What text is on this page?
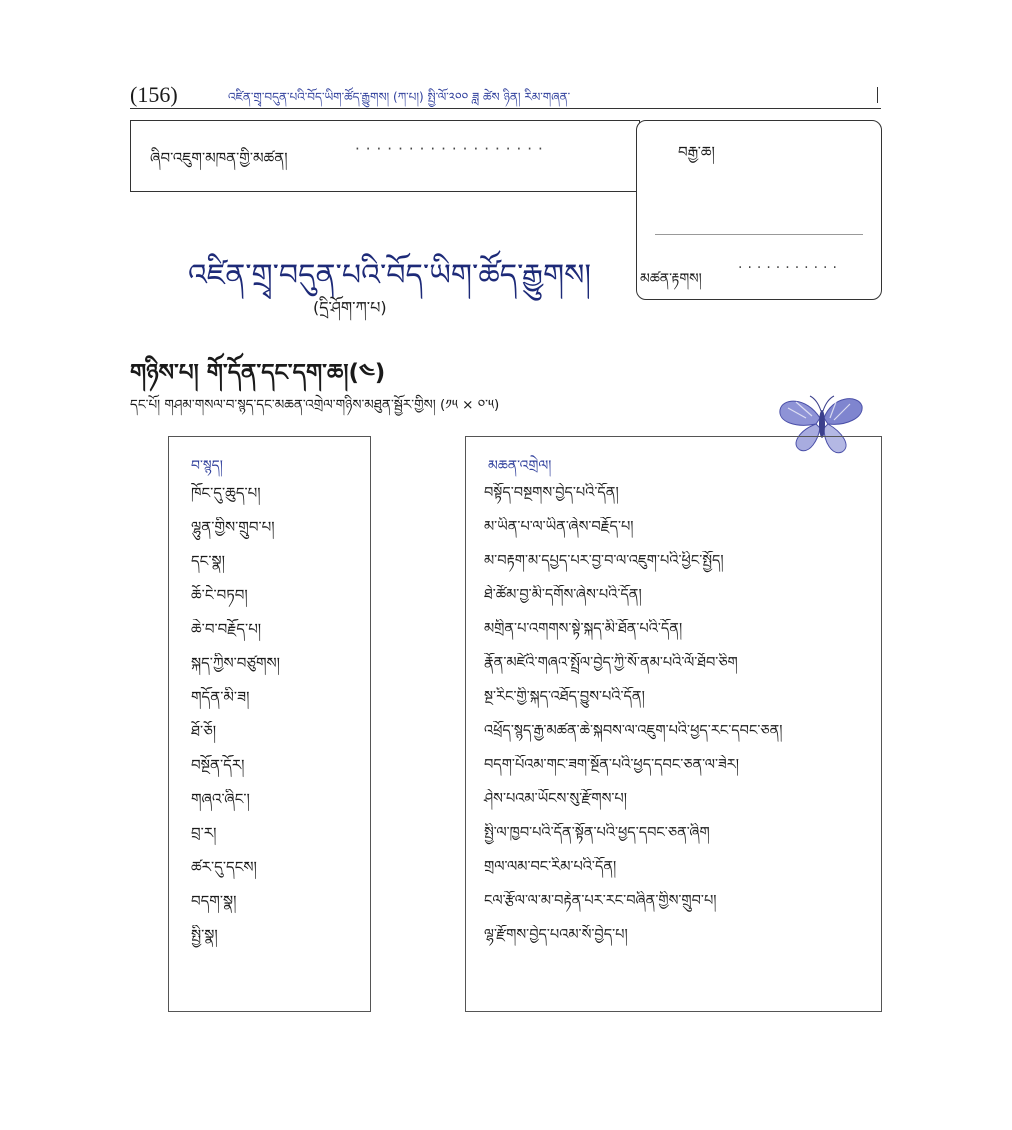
(156)	འཛིན་གྲྭ་བདུན་པའི་བོད་ཡིག་ཚོད་རྒྱུགས། (ཀ་པ།) སྤྱི་ལོ་༢༠༠ ཟླ ཚེས ཉིན། རིམ་གཞན་
ཞིབ་འཇུག་མཁན་གྱི་མཚན།	··················	བརྒྱ་ཆ།
མཚན་རྟགས།
···········
འཛིན་གྲྭ་བདུན་པའི་བོད་ཡིག་ཚོད་རྒྱུགས།
(དྲི་ཤོག་ཀ་པ)
གཉིས་པ། གོ་དོན་དང་དག་ཆ།(༤)
དང་པོ། གཤམ་གསལ་བ་སྙད་དང་མཆན་འགྲེལ་གཉིས་མཐུན་སྦྱོར་གྱིས། (༡༥ × ༠་༥)
བ་སྙད།
ཁོང་དུ་ཆུད་པ།
ལྷུན་གྱིས་གྲུབ་པ།
དང་སྣ།
ཆོ་ངེ་བཏབ།
ཆེ་བ་བརྗོད་པ།
སྐད་ཀྱིས་བཙུགས།
གདོན་མི་ཟ།
ཐོ་ཅོ།
བསྔོན་དོར།
གཞའ་ཞིང་།
བྲ་ར།
ཚར་དུ་དངས།
བདག་སྣ།
སྤྱི་སྣ།
མཆན་འགྲེལ།
བསྟོད་བསྔགས་བྱེད་པའི་དོན།
མ་ཡིན་པ་ལ་ཡིན་ཞེས་བརྗོད་པ།
མ་བརྟག་མ་དཔྱད་པར་བྱ་བ་ལ་འཇུག་པའི་ཕྱིང་སྤྱོད།
ཐེ་ཚོམ་བྱ་མི་དགོས་ཞེས་པའི་དོན།
མགྲིན་པ་འགགས་སྟེ་སྐད་མི་ཐོན་པའི་དོན།
རྣོན་མཛེའི་གཞའ་སྤྲོལ་བྱེད་ཀྱི་སོ་ནམ་པའི་ལོ་ཐོབ་ཅིག
སྔ་རིང་གྱི་སྐད་འཐོད་བྱུས་པའི་དོན།
འཕྲོད་སྙད་རྒྱ་མཚན་ཆེ་སྐབས་ལ་འཇུག་པའི་ཕྱད་རང་དབང་ཅན།
བདག་པོའམ་གང་ཟག་སྔོན་པའི་ཕྱད་དབང་ཅན་ལ་ཟེར།
ཤེས་པའམ་ཡོངས་སུ་རྫོགས་པ།
སྤྱི་ལ་ཁྱབ་པའི་དོན་སྟོན་པའི་ཕྱད་དབང་ཅན་ཞིག
གྲལ་ལམ་བང་རིམ་པའི་དོན།
ངལ་རྩོལ་ལ་མ་བརྟེན་པར་རང་བཞིན་གྱིས་གྲུབ་པ།
ལྷ་རྫོགས་བྱེད་པའམ་སོ་བྱེད་པ།
